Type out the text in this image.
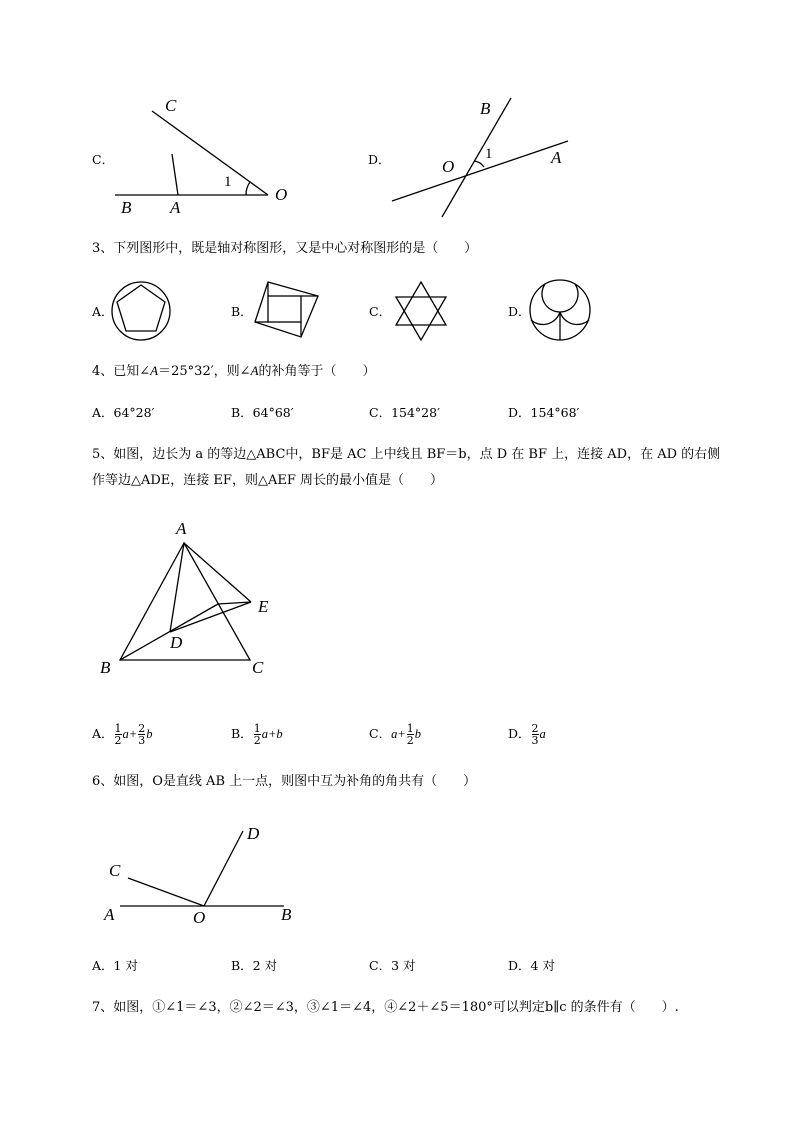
C．
C
B A
O
1
D．
B
O	A
1
3、下列图形中，既是轴对称图形，又是中心对称图形的是（　　）
A．	B．	C．	D．
4、已知∠A＝25°32′，则∠A的补角等于（　　）
A．64°28′	B．64°68′	C．154°28′	D．154°68′
5、如图，边长为 a 的等边△ABC中，BF是 AC 上中线且 BF＝b，点 D 在 BF 上，连接 AD，在 AD 的右侧
作等边△ADE，连接 EF，则△AEF 周长的最小值是（　　）
A
B	C
D
E
A． $\frac{1}{2} a+ \frac{2}{3}$ b	B． $\frac{1}{2} a+b$	C．$a+ \frac{1}{2}$ b	D． $\frac{2}{3}$ a
6、如图，O是直线 AB 上一点，则图中互为补角的角共有（　　）
C
D
A	O	B
A．1 对	B．2 对	C．3 对	D．4 对
7、如图，①∠1＝∠3，②∠2＝∠3，③∠1＝∠4，④∠2＋∠5＝180°可以判定b∥c 的条件有（　　）.
